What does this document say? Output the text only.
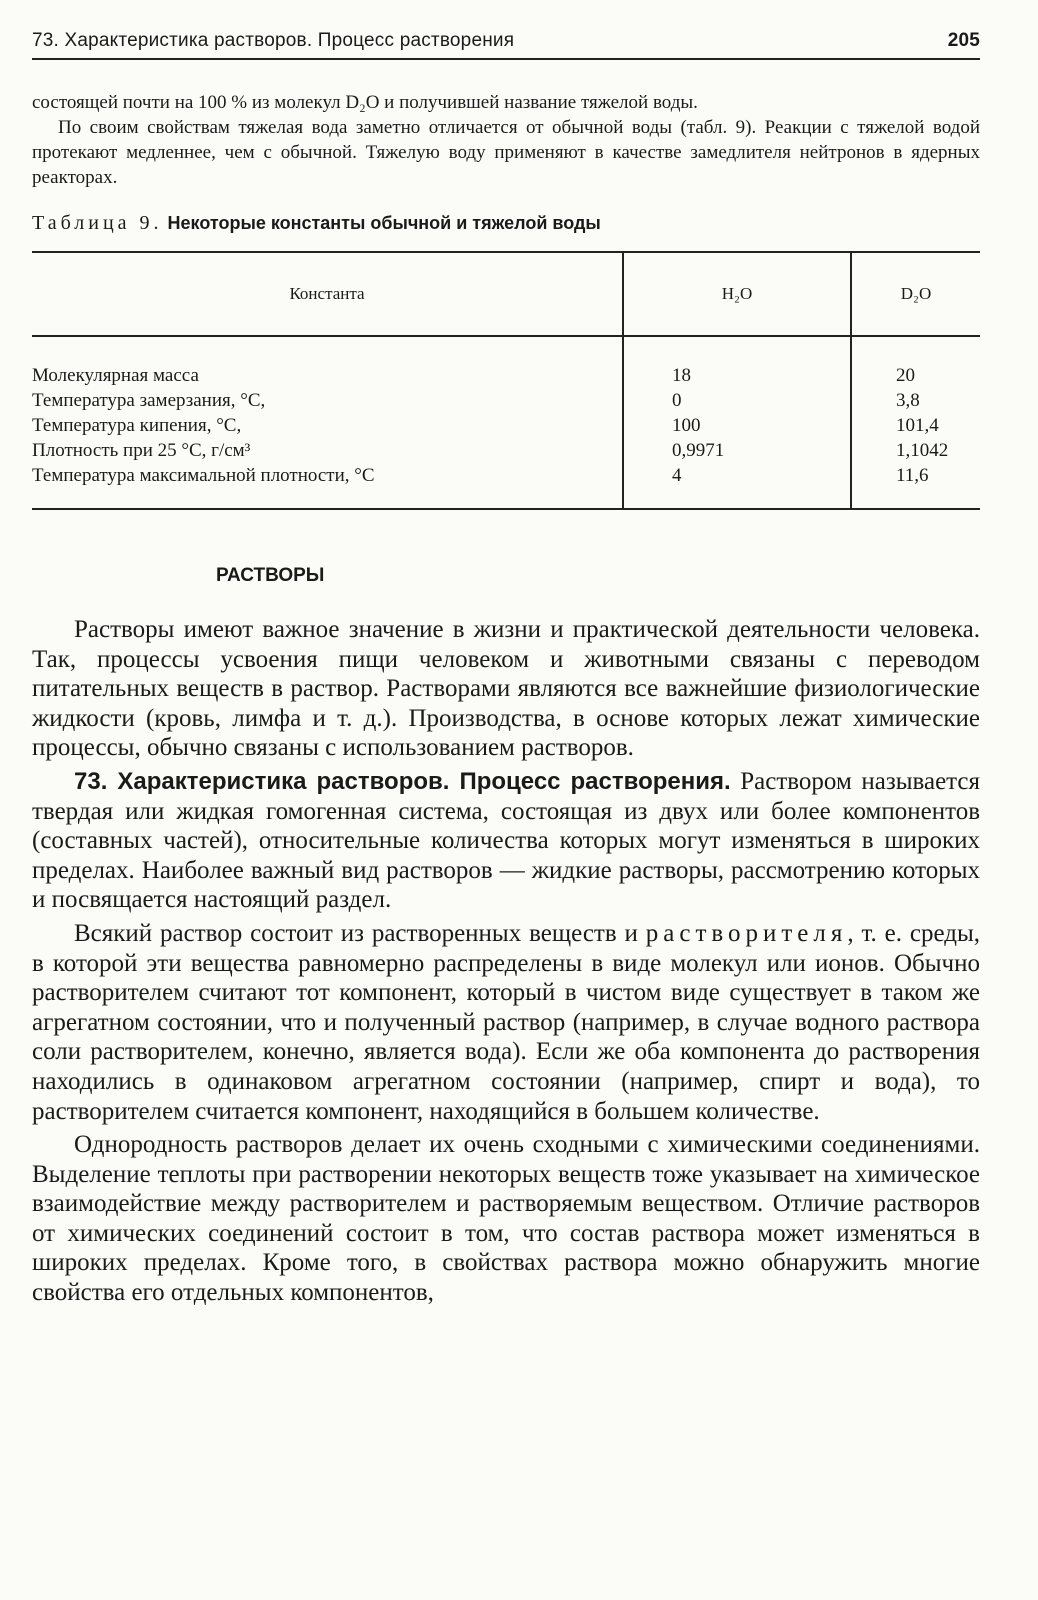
73. Характеристика растворов. Процесс растворения	205

состоящей почти на 100 % из молекул D₂O и получившей название тяжелой воды.

По своим свойствам тяжелая вода заметно отличается от обычной воды (табл. 9). Реакции с тяжелой водой протекают медленнее, чем с обычной. Тяжелую воду применяют в качестве замедлителя нейтронов в ядерных реакторах.

Таблица 9. Некоторые константы обычной и тяжелой воды
Константа	H₂O	D₂O
Молекулярная масса	18	20
Температура замерзания, °С,	0	3,8
Температура кипения, °С,	100	101,4
Плотность при 25 °С, г/см³	0,9971	1,1042
Температура максимальной плотности, °С	4	11,6
РАСТВОРЫ

Растворы имеют важное значение в жизни и практической деятельности человека. Так, процессы усвоения пищи человеком и животными связаны с переводом питательных веществ в раствор. Растворами являются все важнейшие физиологические жидкости (кровь, лимфа и т. д.). Производства, в основе которых лежат химические процессы, обычно связаны с использованием растворов.

73. Характеристика растворов. Процесс растворения. Раствором называется твердая или жидкая гомогенная система, состоящая из двух или более компонентов (составных частей), относительные количества которых могут изменяться в широких пределах. Наиболее важный вид растворов — жидкие растворы, рассмотрению которых и посвящается настоящий раздел.

Всякий раствор состоит из растворенных веществ и растворителя, т. е. среды, в которой эти вещества равномерно распределены в виде молекул или ионов. Обычно растворителем считают тот компонент, который в чистом виде существует в таком же агрегатном состоянии, что и полученный раствор (например, в случае водного раствора соли растворителем, конечно, является вода). Если же оба компонента до растворения находились в одинаковом агрегатном состоянии (например, спирт и вода), то растворителем считается компонент, находящийся в большем количестве.

Однородность растворов делает их очень сходными с химическими соединениями. Выделение теплоты при растворении некоторых веществ тоже указывает на химическое взаимодействие между растворителем и растворяемым веществом. Отличие растворов от химических соединений состоит в том, что состав раствора может изменяться в широких пределах. Кроме того, в свойствах раствора можно обнаружить многие свойства его отдельных компонентов,
